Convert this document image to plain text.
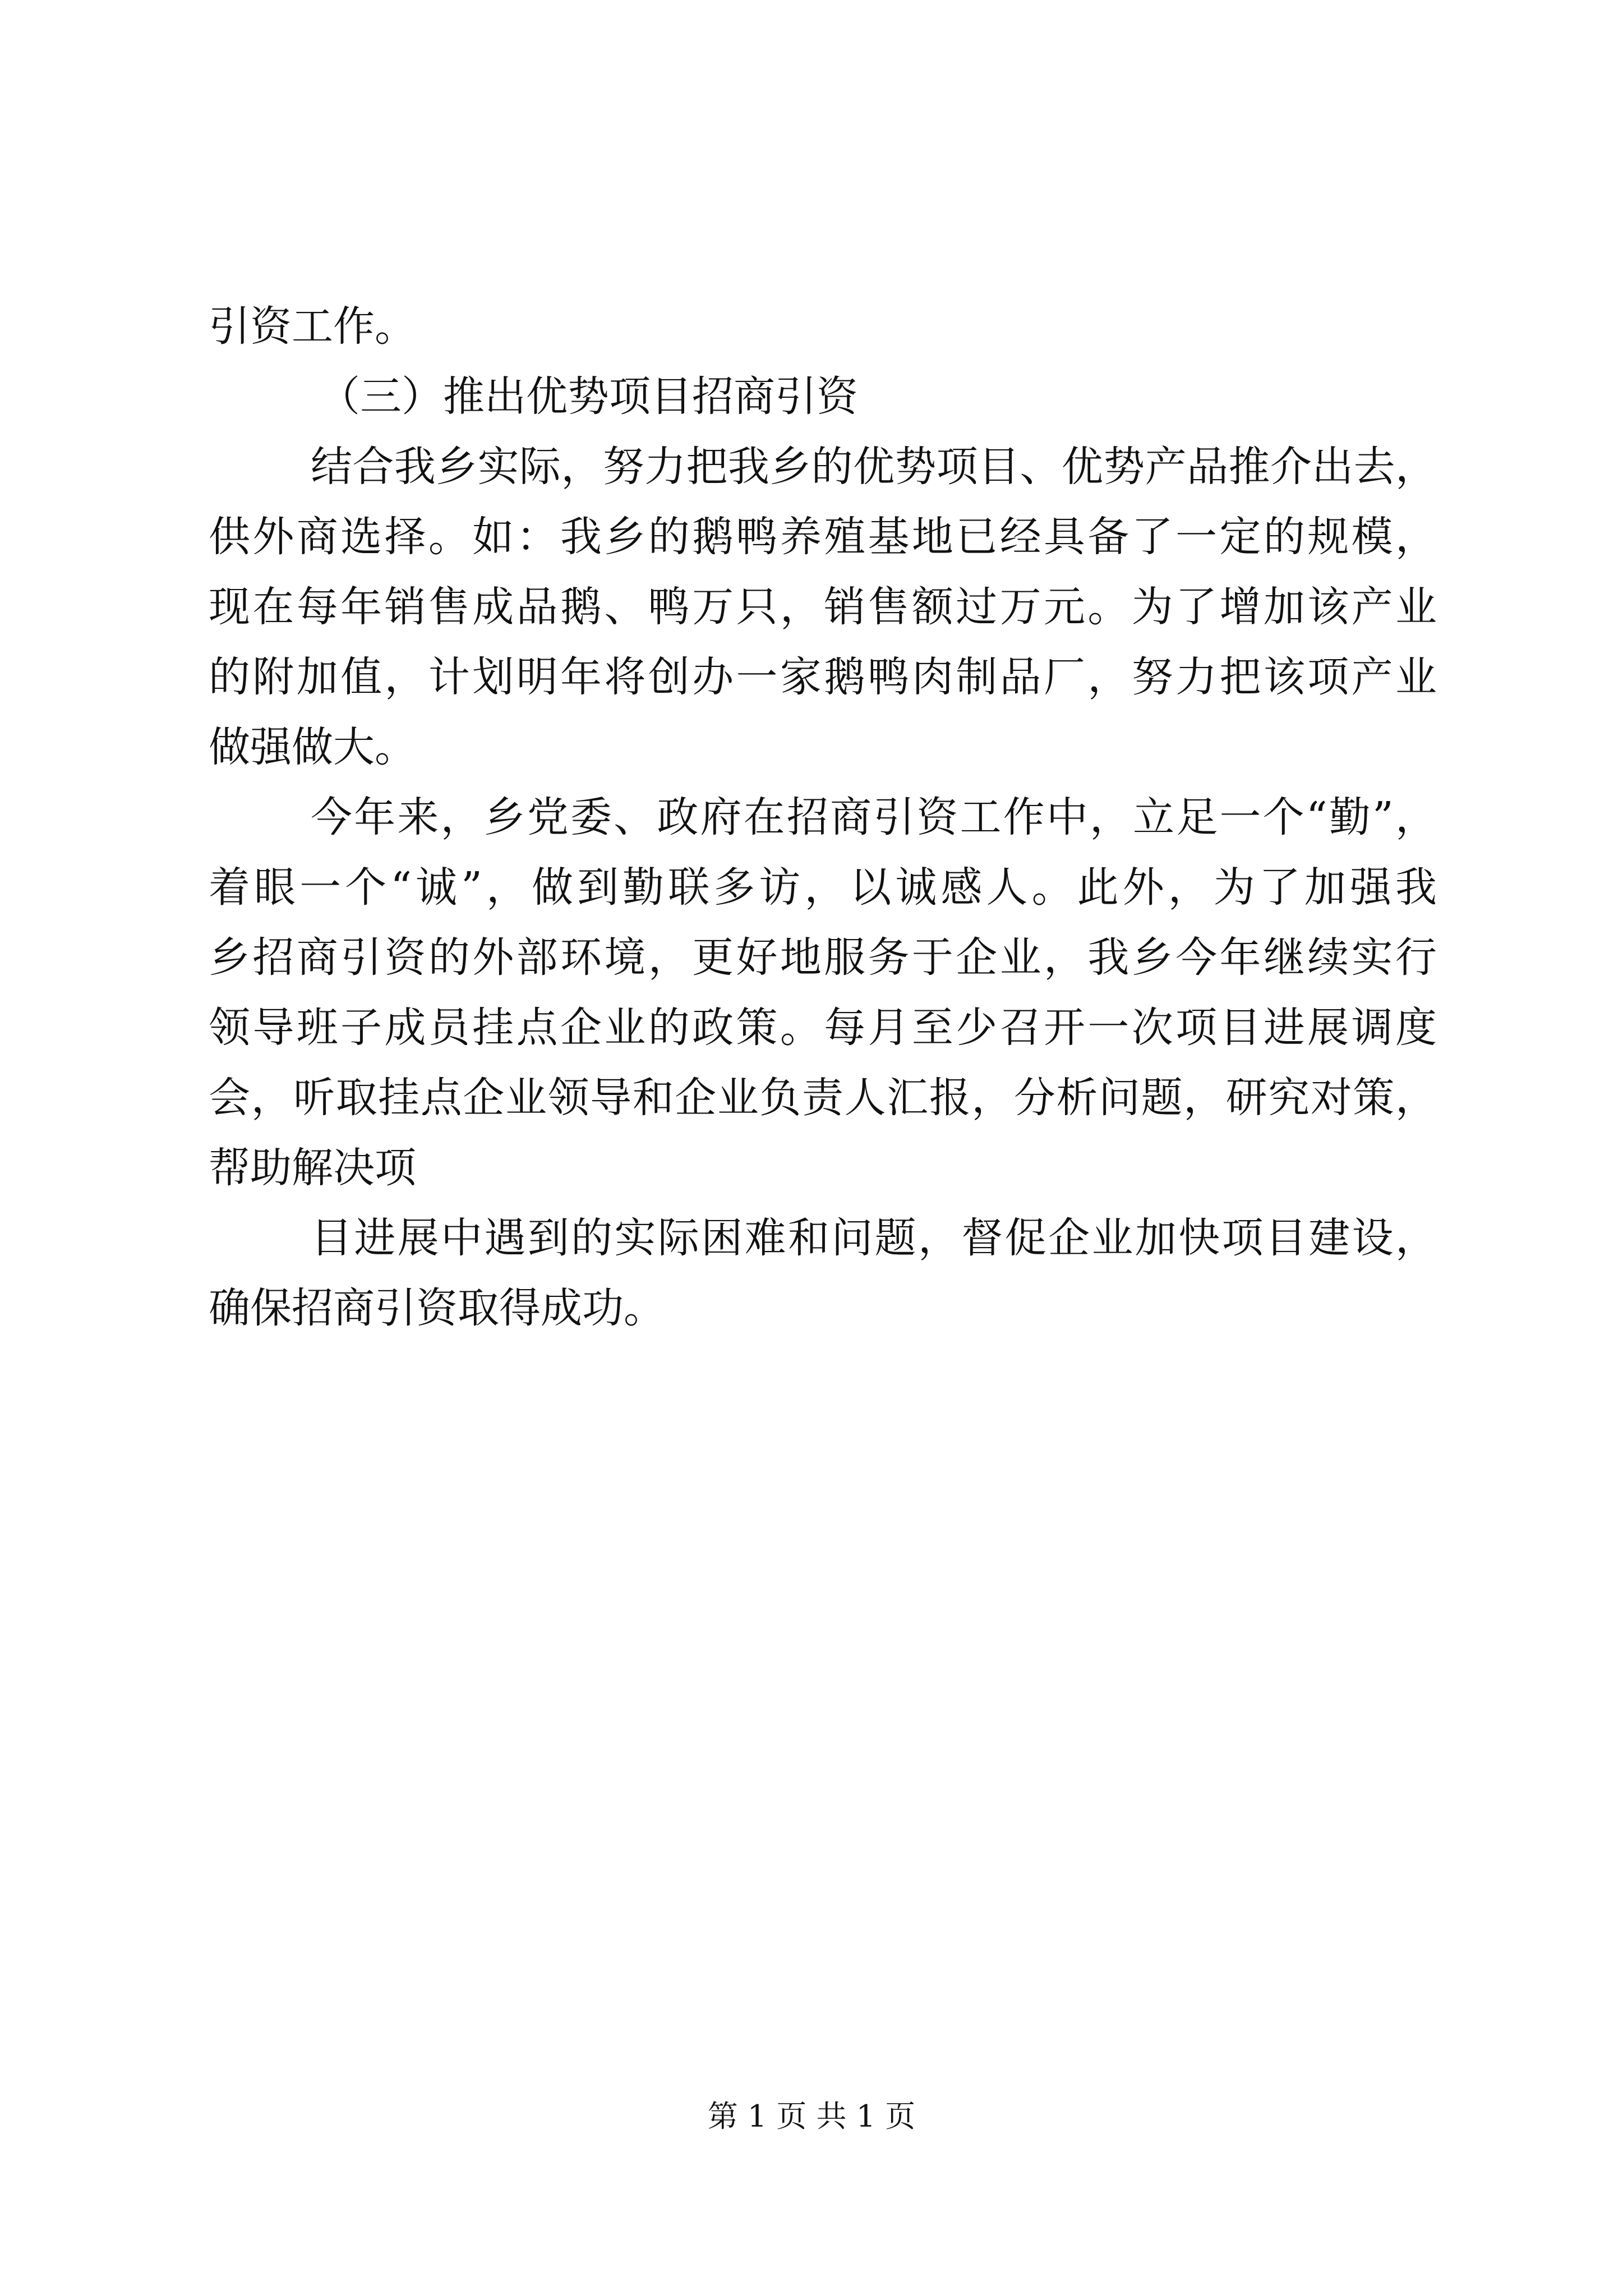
引资工作。
（三）推出优势项目招商引资
结合我乡实际，努力把我乡的优势项目、优势产品推介出去，
供外商选择。如：我乡的鹅鸭养殖基地已经具备了一定的规模，
现在每年销售成品鹅、鸭万只，销售额过万元。为了增加该产业
的附加值，计划明年将创办一家鹅鸭肉制品厂，努力把该项产业
做强做大。
今年来，乡党委、政府在招商引资工作中，立足一个“勤”，
着眼一个“诚”，做到勤联多访，以诚感人。此外，为了加强我
乡招商引资的外部环境，更好地服务于企业，我乡今年继续实行
领导班子成员挂点企业的政策。每月至少召开一次项目进展调度
会，听取挂点企业领导和企业负责人汇报，分析问题，研究对策，
帮助解决项
目进展中遇到的实际困难和问题，督促企业加快项目建设，
确保招商引资取得成功。
第 1 页 共 1 页
